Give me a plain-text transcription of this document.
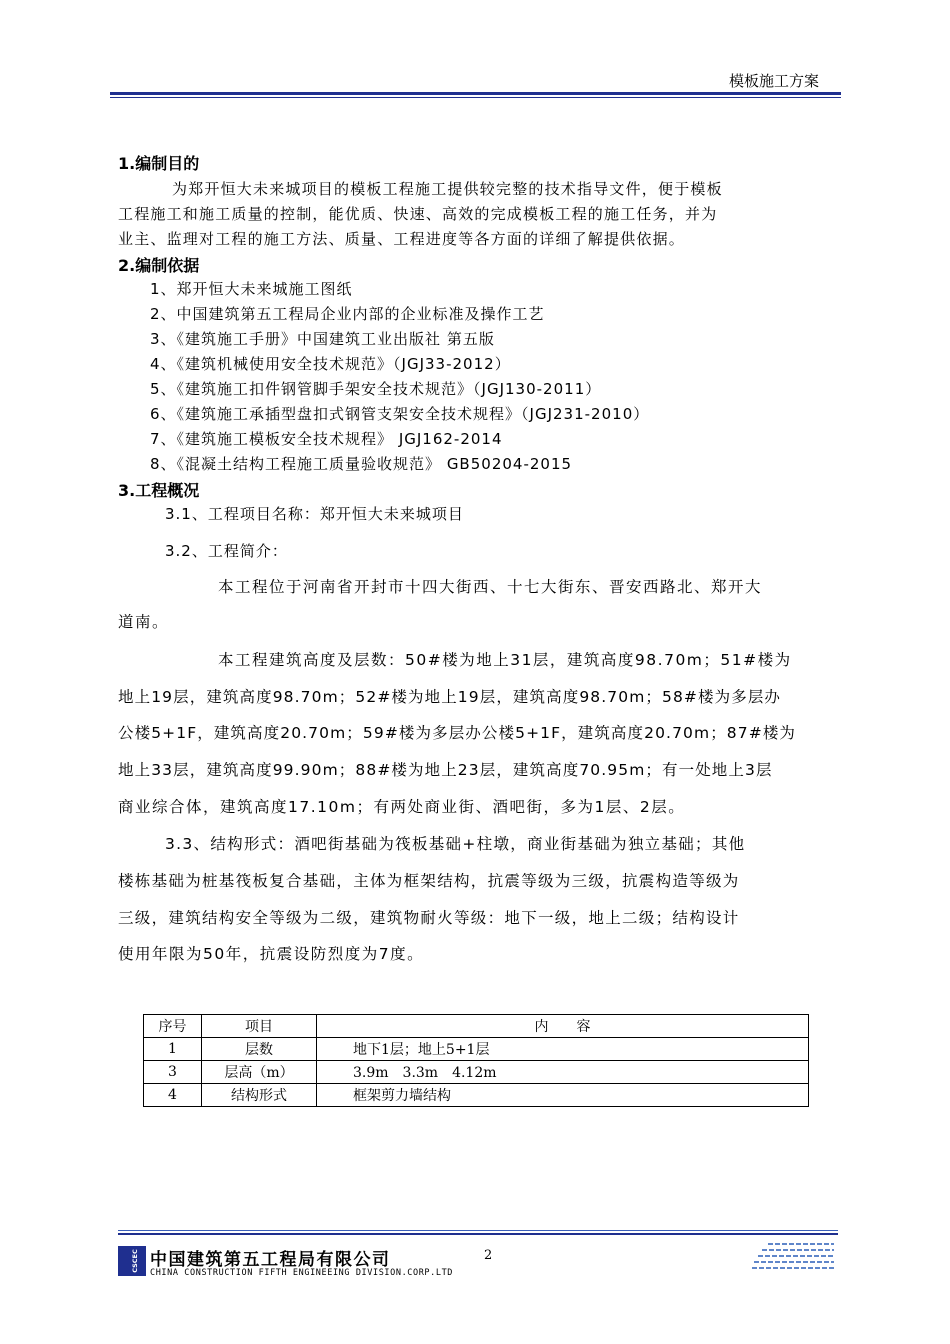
模板施工方案
1.编制目的
为郑开恒大未来城项目的模板工程施工提供较完整的技术指导文件，便于模板
工程施工和施工质量的控制，能优质、快速、高效的完成模板工程的施工任务，并为
业主、监理对工程的施工方法、质量、工程进度等各方面的详细了解提供依据。
2.编制依据
1、郑开恒大未来城施工图纸
2、中国建筑第五工程局企业内部的企业标准及操作工艺
3、《建筑施工手册》中国建筑工业出版社 第五版
4、《建筑机械使用安全技术规范》（JGJ33-2012）
5、《建筑施工扣件钢管脚手架安全技术规范》（JGJ130-2011）
6、《建筑施工承插型盘扣式钢管支架安全技术规程》（JGJ231-2010）
7、《建筑施工模板安全技术规程》 JGJ162-2014
8、《混凝土结构工程施工质量验收规范》 GB50204-2015
3.工程概况
3.1、工程项目名称：郑开恒大未来城项目
3.2、工程简介：
本工程位于河南省开封市十四大街西、十七大街东、晋安西路北、郑开大
道南。
本工程建筑高度及层数：50#楼为地上31层，建筑高度98.70m；51#楼为
地上19层，建筑高度98.70m；52#楼为地上19层，建筑高度98.70m；58#楼为多层办
公楼5+1F，建筑高度20.70m；59#楼为多层办公楼5+1F，建筑高度20.70m；87#楼为
地上33层，建筑高度99.90m；88#楼为地上23层，建筑高度70.95m；有一处地上3层
商业综合体，建筑高度17.10m；有两处商业街、酒吧街，多为1层、2层。
3.3、结构形式：酒吧街基础为筏板基础+柱墩，商业街基础为独立基础；其他
楼栋基础为桩基筏板复合基础，主体为框架结构，抗震等级为三级，抗震构造等级为
三级，建筑结构安全等级为二级，建筑物耐火等级：地下一级，地上二级；结构设计
使用年限为50年，抗震设防烈度为7度。
序号	项目	内　　容
1	层数	地下1层；地上5+1层
3	层高（m）	3.9m　3.3m　4.12m
4	结构形式	框架剪力墙结构
CSCEC 中国建筑第五工程局有限公司
CHINA CONSTRUCTION FIFTH ENGINEEING DIVISION.CORP.LTD
2
